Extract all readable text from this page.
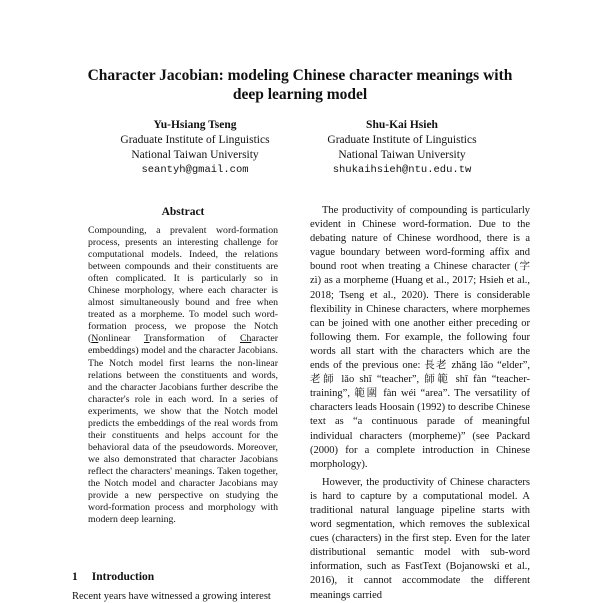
Character Jacobian: modeling Chinese character meanings with
deep learning model
Yu-Hsiang Tseng
Graduate Institute of Linguistics
National Taiwan University
seantyh@gmail.com
Shu-Kai Hsieh
Graduate Institute of Linguistics
National Taiwan University
shukaihsieh@ntu.edu.tw
Abstract
Compounding, a prevalent word-formation process, presents an interesting challenge for computational models. Indeed, the relations between compounds and their constituents are often complicated. It is particularly so in Chinese morphology, where each character is almost simultaneously bound and free when treated as a morpheme. To model such word-formation process, we propose the Notch (Nonlinear Transformation of Character embeddings) model and the character Jacobians. The Notch model first learns the non-linear relations between the constituents and words, and the character Jacobians further describe the character's role in each word. In a series of experiments, we show that the Notch model predicts the embeddings of the real words from their constituents and helps account for the behavioral data of the pseudowords. Moreover, we also demonstrated that character Jacobians reflect the characters' meanings. Taken together, the Notch model and character Jacobians may provide a new perspective on studying the word-formation process and morphology with modern deep learning.
1 Introduction
Recent years have witnessed a growing interest

The productivity of compounding is particularly evident in Chinese word-formation. Due to the debating nature of Chinese wordhood, there is a vague boundary between word-forming affix and bound root when treating a Chinese character (字 zì) as a morpheme (Huang et al., 2017; Hsieh et al., 2018; Tseng et al., 2020). There is considerable flexibility in Chinese characters, where morphemes can be joined with one another either preceding or following them. For example, the following four words all start with the characters which are the ends of the previous one: 長老 zhǎng lǎo “elder”, 老師 lǎo shī “teacher”, 師範 shī fàn “teacher-training”, 範圍 fàn wéi “area”. The versatility of characters leads Hoosain (1992) to describe Chinese text as “a continuous parade of meaningful individual characters (morpheme)” (see Packard (2000) for a complete introduction in Chinese morphology).

However, the productivity of Chinese characters is hard to capture by a computational model. A traditional natural language pipeline starts with word segmentation, which removes the sublexical cues (characters) in the first step. Even for the later distributional semantic model with sub-word information, such as FastText (Bojanowski et al., 2016), it cannot accommodate the different meanings carried
